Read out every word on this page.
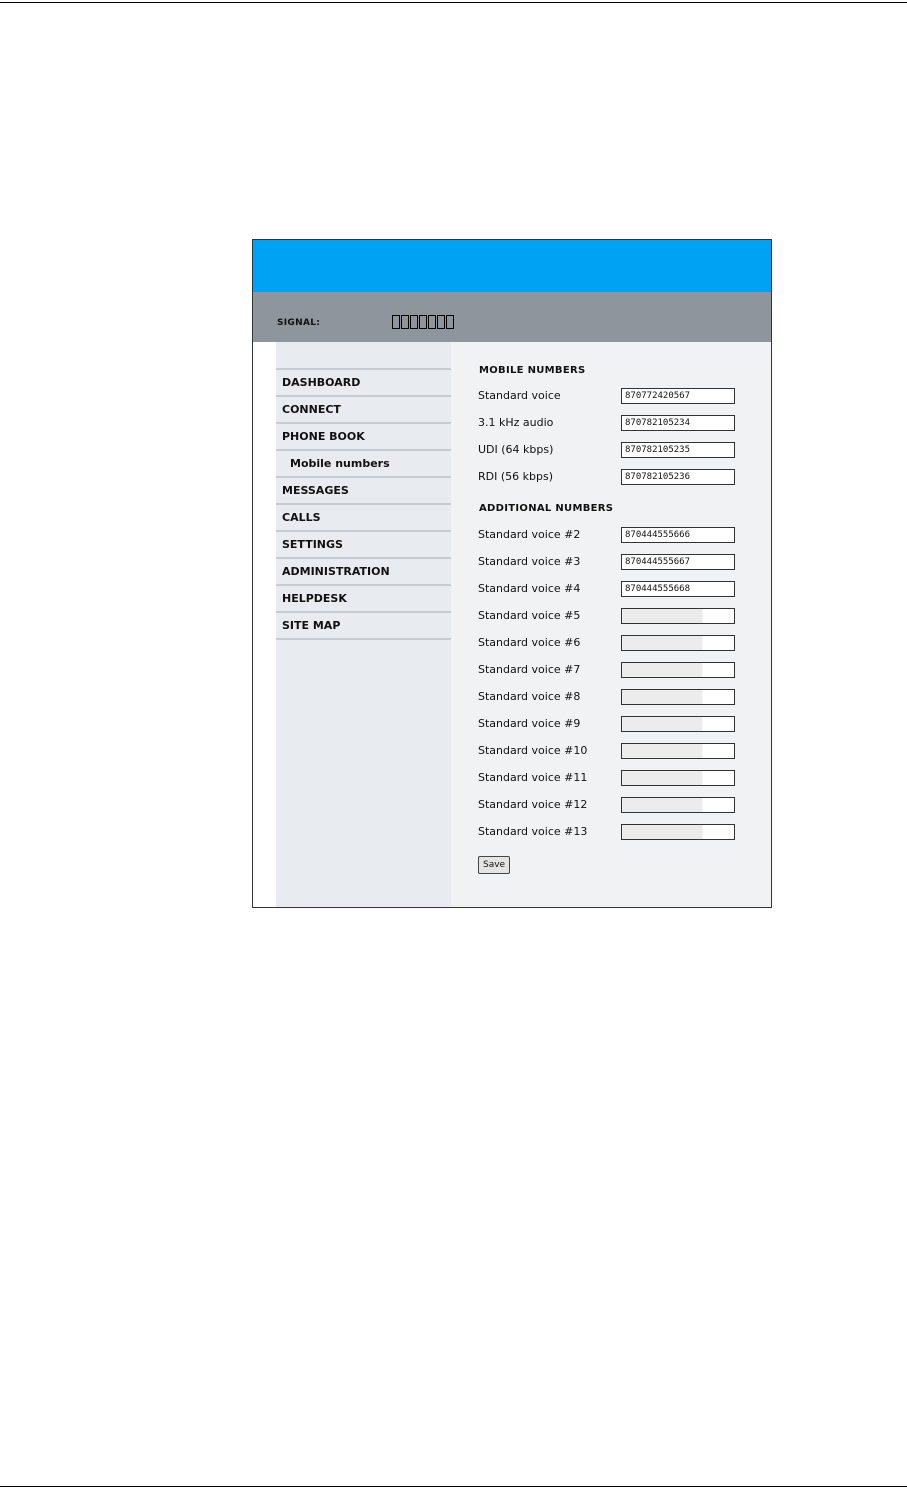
SIGNAL:
DASHBOARD
CONNECT
PHONE BOOK
Mobile numbers
MESSAGES
CALLS
SETTINGS
ADMINISTRATION
HELPDESK
SITE MAP
MOBILE NUMBERS
Standard voice
870772420567
3.1 kHz audio
870782105234
UDI (64 kbps)
870782105235
RDI (56 kbps)
870782105236
ADDITIONAL NUMBERS
Standard voice #2
870444555666
Standard voice #3
870444555667
Standard voice #4
870444555668
Standard voice #5
Standard voice #6
Standard voice #7
Standard voice #8
Standard voice #9
Standard voice #10
Standard voice #11
Standard voice #12
Standard voice #13
Save
